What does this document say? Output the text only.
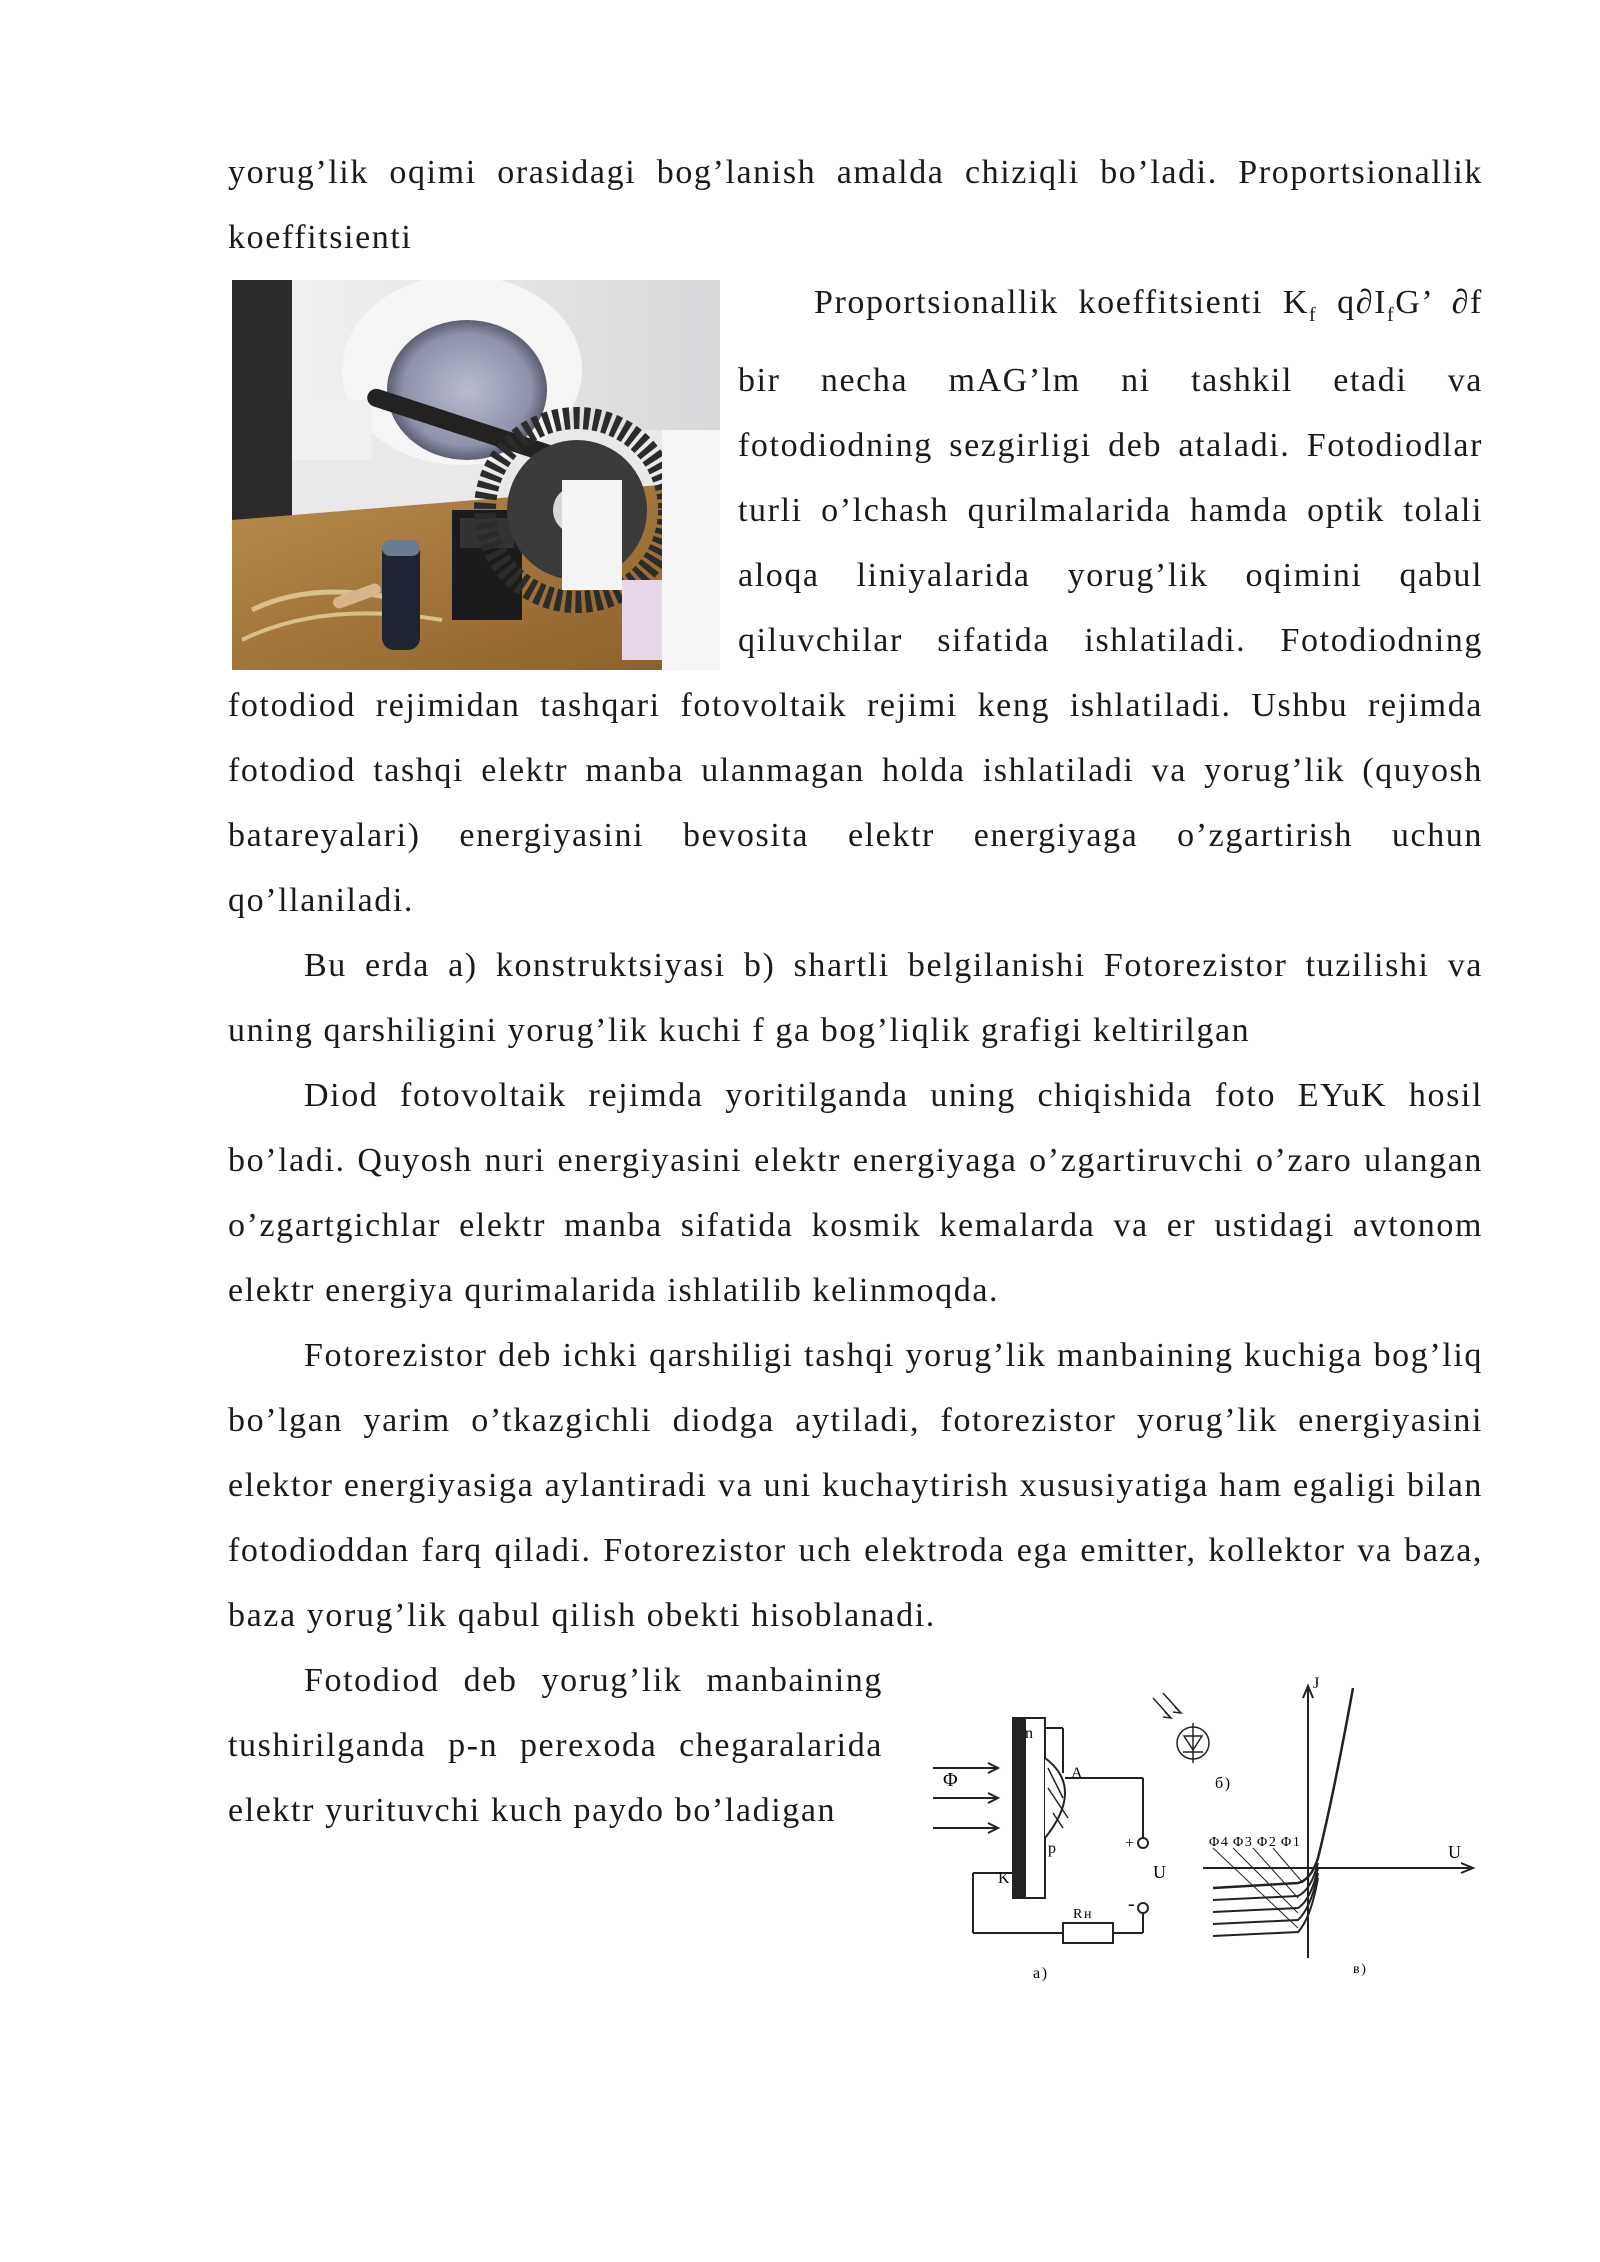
yorug’lik oqimi orasidagi bog’lanish amalda chiziqli bo’ladi. Proportsionallik koeffitsienti

Proportsionallik koeffitsienti $K_f$ $q\partial I_fG$’ ∂f bir necha mAG’lm ni tashkil etadi va fotodiodning sezgirligi deb ataladi. Fotodiodlar turli o’lchash qurilmalarida hamda optik tolali aloqa liniyalarida yorug’lik oqimini qabul qiluvchilar sifatida ishlatiladi. Fotodiodning fotodiod rejimidan tashqari fotovoltaik rejimi keng ishlatiladi. Ushbu rejimda fotodiod tashqi elektr manba ulanmagan holda ishlatiladi va yorug’lik (quyosh batareyalari) energiyasini bevosita elektr energiyaga o’zgartirish uchun qo’llaniladi.

Bu erda a) konstruktsiyasi b) shartli belgilanishi Fotorezistor tuzilishi va uning qarshiligini yorug’lik kuchi f ga bog’liqlik grafigi keltirilgan

Diod fotovoltaik rejimda yoritilganda uning chiqishida foto EYuK hosil bo’ladi. Quyosh nuri energiyasini elektr energiyaga o’zgartiruvchi o’zaro ulangan o’zgartgichlar elektr manba sifatida kosmik kemalarda va er ustidagi avtonom elektr energiya qurimalarida ishlatilib kelinmoqda.

Fotorezistor deb ichki qarshiligi tashqi yorug’lik manbaining kuchiga bog’liq bo’lgan yarim o’tkazgichli diodga aytiladi, fotorezistor yorug’lik energiyasini elektor energiyasiga aylantiradi va uni kuchaytirish xususiyatiga ham egaligi bilan fotodioddan farq qiladi. Fotorezistor uch elektroda ega emitter, kollektor va baza, baza yorug’lik qabul qilish obekti hisoblanadi.

n
p
A
K
Φ
+
-
U
Rн
a)
б)
J
U
в)
Φ4 Φ3 Φ2 Φ1

Fotodiod deb yorug’lik manbaining tushirilganda p-n perexoda chegaralarida elektr yurituvchi kuch paydo bo’ladigan
